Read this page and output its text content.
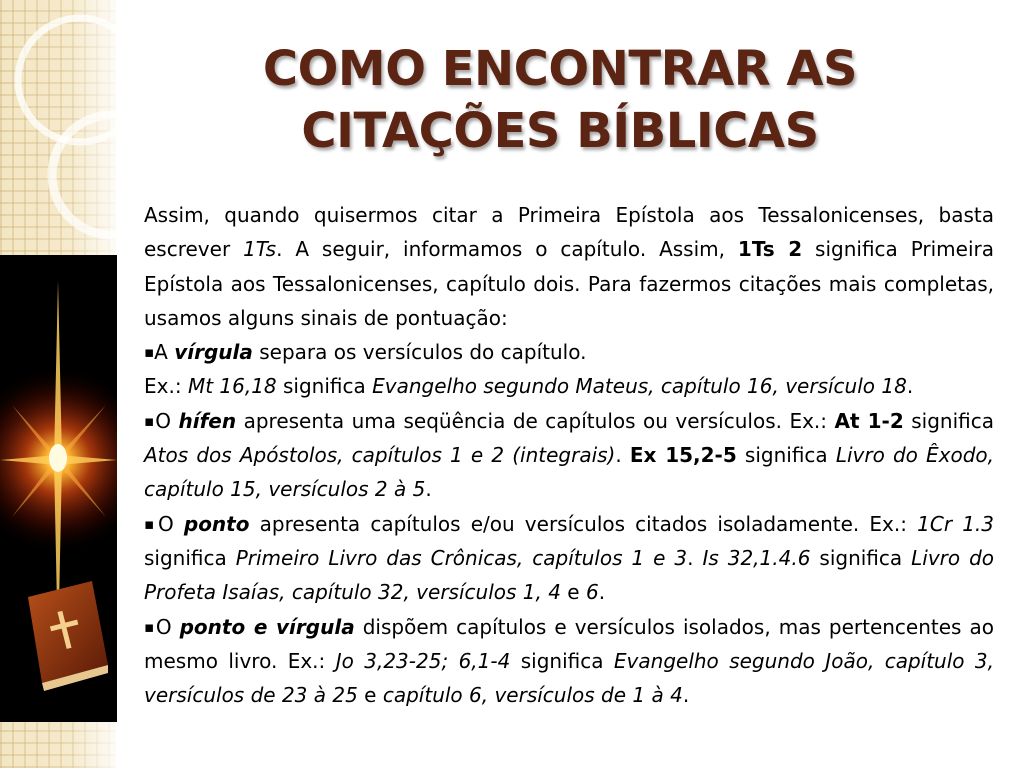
COMO ENCONTRAR AS
CITAÇÕES BÍBLICAS

Assim, quando quisermos citar a Primeira Epístola aos Tessalonicenses, basta escrever 1Ts. A seguir, informamos o capítulo. Assim, 1Ts 2 significa Primeira Epístola aos Tessalonicenses, capítulo dois. Para fazermos citações mais completas, usamos alguns sinais de pontuação:

▪A vírgula separa os versículos do capítulo.

Ex.: Mt 16,18 significa Evangelho segundo Mateus, capítulo 16, versículo 18.

▪O hífen apresenta uma seqüência de capítulos ou versículos. Ex.: At 1-2 significa Atos dos Apóstolos, capítulos 1 e 2 (integrais). Ex 15,2-5 significa Livro do Êxodo, capítulo 15, versículos 2 à 5.

▪O ponto apresenta capítulos e/ou versículos citados isoladamente. Ex.: 1Cr 1.3 significa Primeiro Livro das Crônicas, capítulos 1 e 3. Is 32,1.4.6 significa Livro do Profeta Isaías, capítulo 32, versículos 1, 4 e 6.

▪O ponto e vírgula dispõem capítulos e versículos isolados, mas pertencentes ao mesmo livro. Ex.: Jo 3,23-25; 6,1-4 significa Evangelho segundo João, capítulo 3, versículos de 23 à 25 e capítulo 6, versículos de 1 à 4.
